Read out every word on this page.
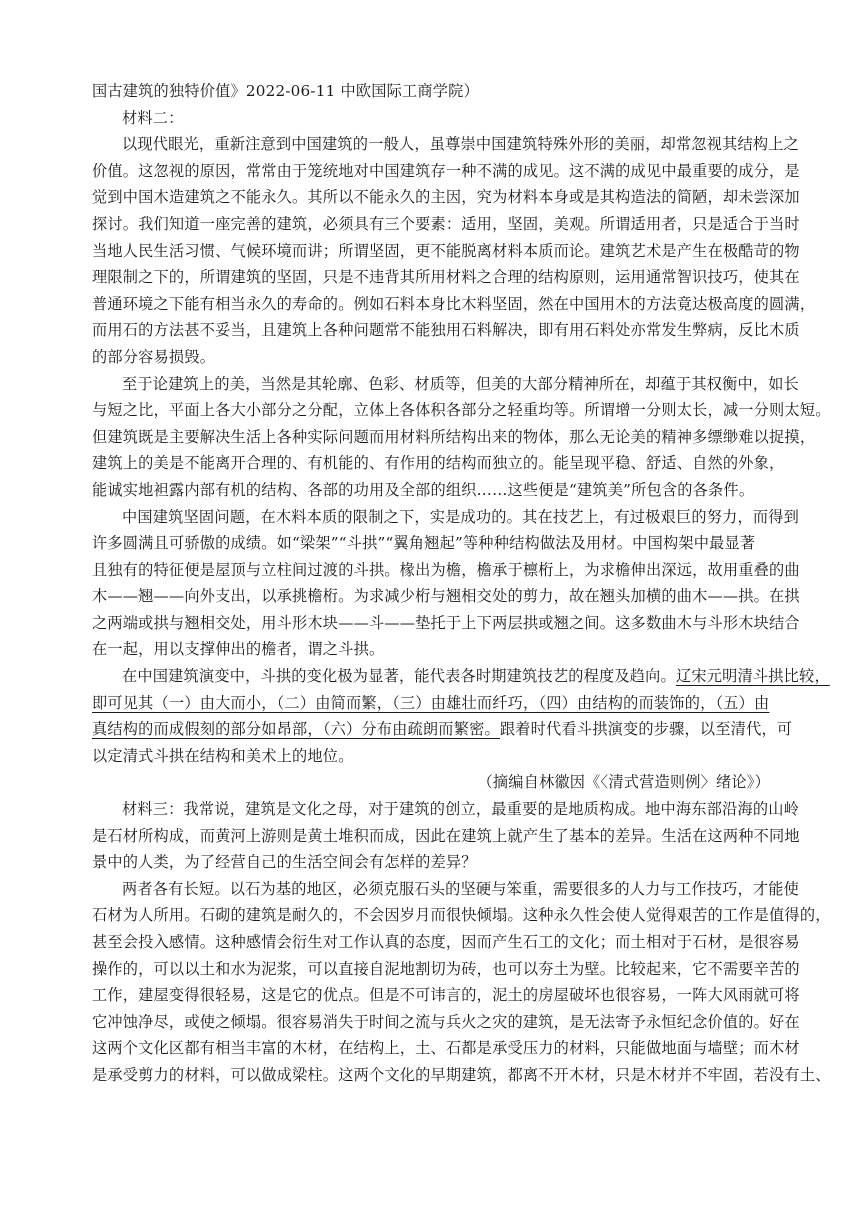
国古建筑的独特价值》2022-06-11 中欧国际工商学院）
材料二：
以现代眼光，重新注意到中国建筑的一般人，虽尊崇中国建筑特殊外形的美丽，却常忽视其结构上之
价值。这忽视的原因，常常由于笼统地对中国建筑存一种不满的成见。这不满的成见中最重要的成分，是
觉到中国木造建筑之不能永久。其所以不能永久的主因，究为材料本身或是其构造法的简陋，却未尝深加
探讨。我们知道一座完善的建筑，必须具有三个要素：适用，坚固，美观。所谓适用者，只是适合于当时
当地人民生活习惯、气候环境而讲；所谓坚固，更不能脱离材料本质而论。建筑艺术是产生在极酷苛的物
理限制之下的，所谓建筑的坚固，只是不违背其所用材料之合理的结构原则，运用通常智识技巧，使其在
普通环境之下能有相当永久的寿命的。例如石料本身比木料坚固，然在中国用木的方法竟达极高度的圆满，
而用石的方法甚不妥当，且建筑上各种问题常不能独用石料解决，即有用石料处亦常发生弊病，反比木质
的部分容易损毁。
至于论建筑上的美，当然是其轮廓、色彩、材质等，但美的大部分精神所在，却蕴于其权衡中，如长
与短之比，平面上各大小部分之分配，立体上各体积各部分之轻重均等。所谓增一分则太长，减一分则太短。
但建筑既是主要解决生活上各种实际问题而用材料所结构出来的物体，那么无论美的精神多缥缈难以捉摸，
建筑上的美是不能离开合理的、有机能的、有作用的结构而独立的。能呈现平稳、舒适、自然的外象，
能诚实地袒露内部有机的结构、各部的功用及全部的组织……这些便是“建筑美”所包含的各条件。
中国建筑坚固问题，在木料本质的限制之下，实是成功的。其在技艺上，有过极艰巨的努力，而得到
许多圆满且可骄傲的成绩。如“梁架”“斗拱”“翼角翘起”等种种结构做法及用材。中国构架中最显著
且独有的特征便是屋顶与立柱间过渡的斗拱。椽出为檐，檐承于檩桁上，为求檐伸出深远，故用重叠的曲
木——翘——向外支出，以承挑檐桁。为求减少桁与翘相交处的剪力，故在翘头加横的曲木——拱。在拱
之两端或拱与翘相交处，用斗形木块——斗——垫托于上下两层拱或翘之间。这多数曲木与斗形木块结合
在一起，用以支撑伸出的檐者，谓之斗拱。
在中国建筑演变中，斗拱的变化极为显著，能代表各时期建筑技艺的程度及趋向。辽宋元明清斗拱比较，
即可见其（一）由大而小，（二）由简而繁，（三）由雄壮而纤巧，（四）由结构的而装饰的，（五）由
真结构的而成假刻的部分如昂部，（六）分布由疏朗而繁密。跟着时代看斗拱演变的步骤，以至清代，可
以定清式斗拱在结构和美术上的地位。
（摘编自林徽因《〈清式营造则例〉绪论》）
材料三：我常说，建筑是文化之母，对于建筑的创立，最重要的是地质构成。地中海东部沿海的山岭
是石材所构成，而黄河上游则是黄土堆积而成，因此在建筑上就产生了基本的差异。生活在这两种不同地
景中的人类，为了经营自己的生活空间会有怎样的差异？
两者各有长短。以石为基的地区，必须克服石头的坚硬与笨重，需要很多的人力与工作技巧，才能使
石材为人所用。石砌的建筑是耐久的，不会因岁月而很快倾塌。这种永久性会使人觉得艰苦的工作是值得的，
甚至会投入感情。这种感情会衍生对工作认真的态度，因而产生石工的文化；而土相对于石材，是很容易
操作的，可以以土和水为泥浆，可以直接自泥地割切为砖，也可以夯土为壁。比较起来，它不需要辛苦的
工作，建屋变得很轻易，这是它的优点。但是不可讳言的，泥土的房屋破坏也很容易，一阵大风雨就可将
它冲蚀净尽，或使之倾塌。很容易消失于时间之流与兵火之灾的建筑，是无法寄予永恒纪念价值的。好在
这两个文化区都有相当丰富的木材，在结构上，土、石都是承受压力的材料，只能做地面与墙壁；而木材
是承受剪力的材料，可以做成梁柱。这两个文化的早期建筑，都离不开木材，只是木材并不牢固，若没有土、
